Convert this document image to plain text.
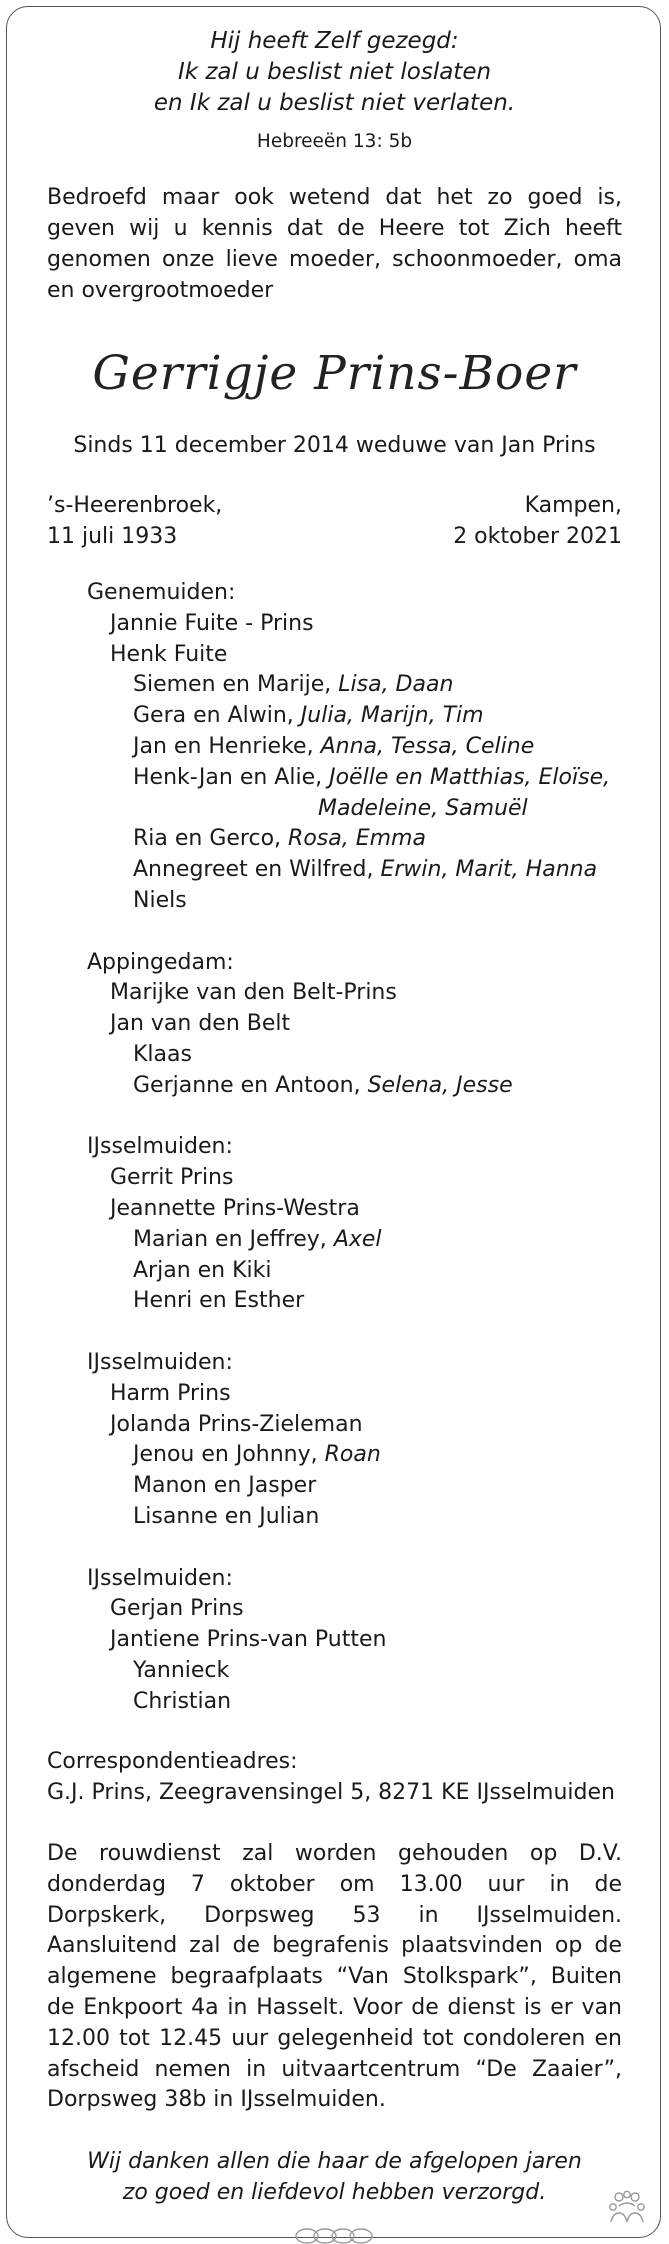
Hij heeft Zelf gezegd:
Ik zal u beslist niet loslaten
en Ik zal u beslist niet verlaten.
Hebreeën 13: 5b
Bedroefd maar ook wetend dat het zo goed is, geven wij u kennis dat de Heere tot Zich heeft genomen onze lieve moeder, schoonmoeder, oma en overgrootmoeder
Gerrigje Prins-Boer
Sinds 11 december 2014 weduwe van Jan Prins
’s-Heerenbroek,
11 juli 1933
Kampen,
2 oktober 2021
Genemuiden:
Jannie Fuite - Prins
Henk Fuite
Siemen en Marije, Lisa, Daan
Gera en Alwin, Julia, Marijn, Tim
Jan en Henrieke, Anna, Tessa, Celine
Henk-Jan en Alie, Joëlle en Matthias, Eloïse,
Madeleine, Samuël
Ria en Gerco, Rosa, Emma
Annegreet en Wilfred, Erwin, Marit, Hanna
Niels
Appingedam:
Marijke van den Belt-Prins
Jan van den Belt
Klaas
Gerjanne en Antoon, Selena, Jesse
IJsselmuiden:
Gerrit Prins
Jeannette Prins-Westra
Marian en Jeffrey, Axel
Arjan en Kiki
Henri en Esther
IJsselmuiden:
Harm Prins
Jolanda Prins-Zieleman
Jenou en Johnny, Roan
Manon en Jasper
Lisanne en Julian
IJsselmuiden:
Gerjan Prins
Jantiene Prins-van Putten
Yannieck
Christian
Correspondentieadres:
G.J. Prins, Zeegravensingel 5, 8271 KE IJsselmuiden
De rouwdienst zal worden gehouden op D.V. donderdag 7 oktober om 13.00 uur in de Dorpskerk, Dorpsweg 53 in IJsselmuiden. Aansluitend zal de begrafenis plaatsvinden op de algemene begraafplaats “Van Stolkspark”, Buiten de Enkpoort 4a in Hasselt. Voor de dienst is er van 12.00 tot 12.45 uur gelegenheid tot condoleren en afscheid nemen in uitvaartcentrum “De Zaaier”, Dorpsweg 38b in IJsselmuiden.
Wij danken allen die haar de afgelopen jaren
zo goed en liefdevol hebben verzorgd.
